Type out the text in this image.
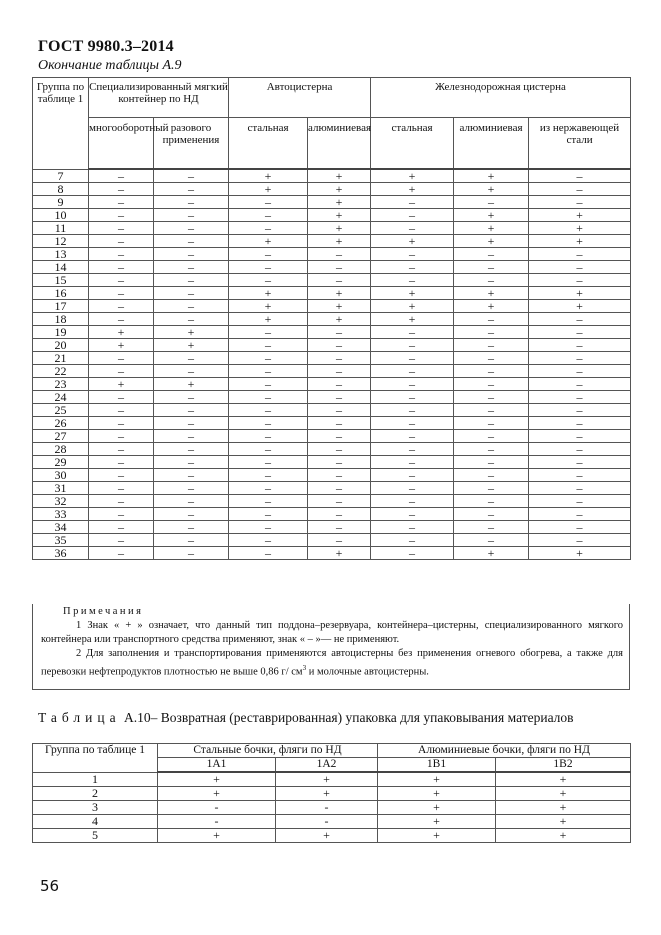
ГОСТ 9980.3–2014
Окончание таблицы А.9
Группа по таблице 1	Специализированный мягкий контейнер по НД		Автоцистерна		Железнодорожная цистерна		
	многооборотный	разового применения	стальная	алюминиевая	стальная	алюминиевая	из нержавеющей стали
7	–	–	+	+	+	+	–
8	–	–	+	+	+	+	–
9	–	–	–	+	–	–	–
10	–	–	–	+	–	+	+
11	–	–	–	+	–	+	+
12	–	–	+	+	+	+	+
13	–	–	–	–	–	–	–
14	–	–	–	–	–	–	–
15	–	–	–	–	–	–	–
16	–	–	+	+	+	+	+
17	–	–	+	+	+	+	+
18	–	–	+	+	+	–	–
19	+	+	–	–	–	–	–
20	+	+	–	–	–	–	–
21	–	–	–	–	–	–	–
22	–	–	–	–	–	–	–
23	+	+	–	–	–	–	–
24	–	–	–	–	–	–	–
25	–	–	–	–	–	–	–
26	–	–	–	–	–	–	–
27	–	–	–	–	–	–	–
28	–	–	–	–	–	–	–
29	–	–	–	–	–	–	–
30	–	–	–	–	–	–	–
31	–	–	–	–	–	–	–
32	–	–	–	–	–	–	–
33	–	–	–	–	–	–	–
34	–	–	–	–	–	–	–
35	–	–	–	–	–	–	–
36	–	–	–	+	–	+	+
Примечания

1 Знак « + » означает, что данный тип поддона–резервуара, контейнера–цистерны, специализированного мягкого контейнера или транспортного средства применяют, знак « – »— не применяют.

2 Для заполнения и транспортирования применяются автоцистерны без применения огневого обогрева, а также для перевозки нефтепродуктов плотностью не выше 0,86 г/ $см^3$ и молочные автоцистерны.

Таблица А.10– Возвратная (реставрированная) упаковка для упаковывания материалов
Группа по таблице 1	Стальные бочки, фляги по НД		Алюминиевые бочки, фляги по НД	
	1А1	1А2	1В1	1В2
1	+	+	+	+
2	+	+	+	+
3	-	-	+	+
4	-	-	+	+
5	+	+	+	+
56
